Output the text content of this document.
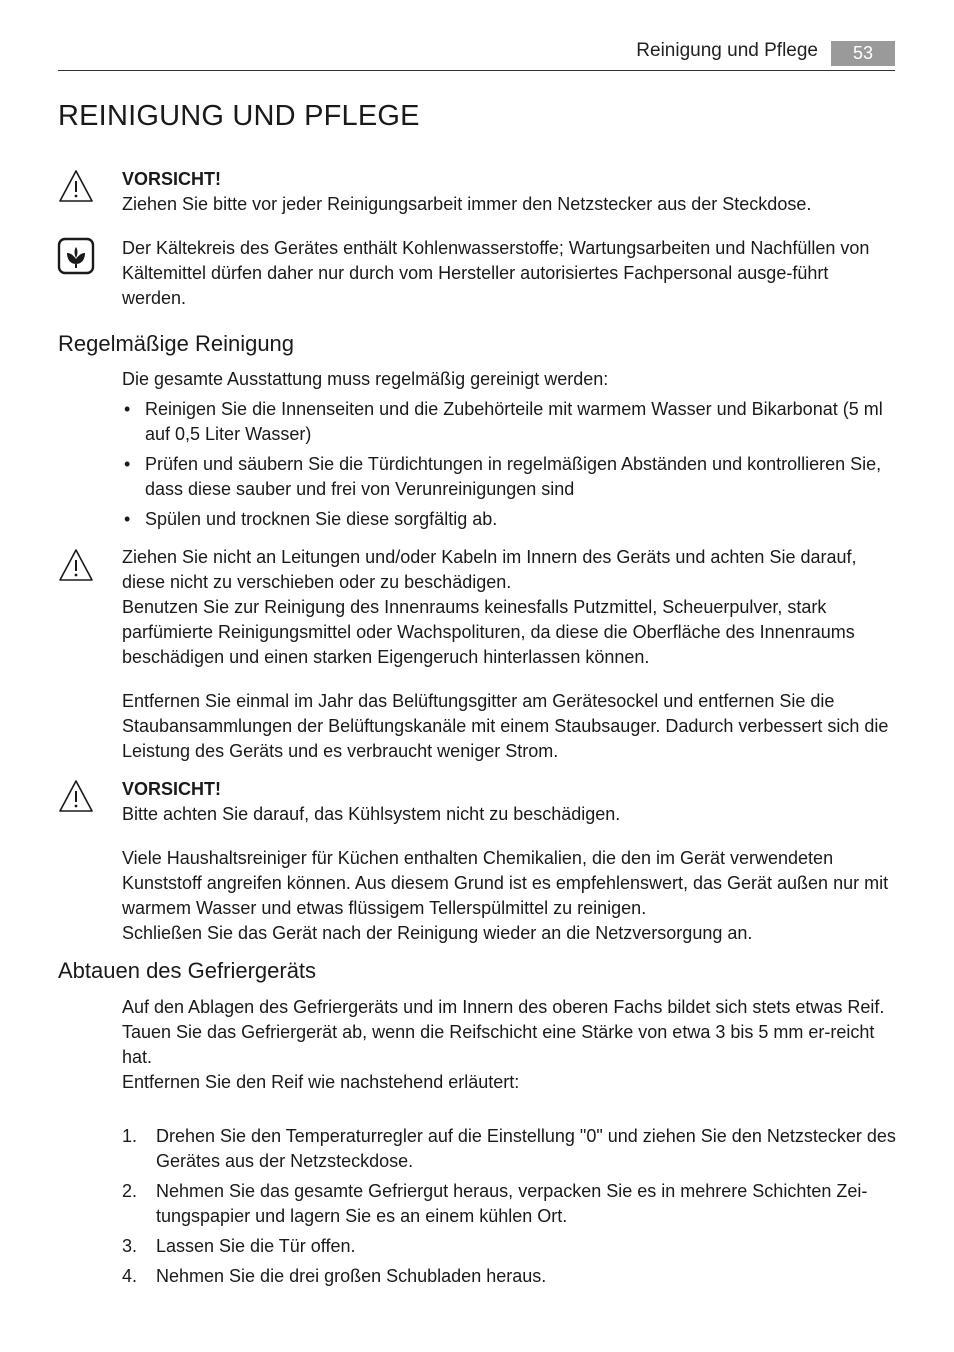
Reinigung und Pflege	53
REINIGUNG UND PFLEGE

VORSICHT!

Ziehen Sie bitte vor jeder Reinigungsarbeit immer den Netzstecker aus der Steckdose.

Der Kältekreis des Gerätes enthält Kohlenwasserstoffe; Wartungsarbeiten und Nachfüllen von Kältemittel dürfen daher nur durch vom Hersteller autorisiertes Fachpersonal ausge-führt werden.

Regelmäßige Reinigung

Die gesamte Ausstattung muss regelmäßig gereinigt werden:

• Reinigen Sie die Innenseiten und die Zubehörteile mit warmem Wasser und Bikarbonat (5 ml auf 0,5 Liter Wasser)
• Prüfen und säubern Sie die Türdichtungen in regelmäßigen Abständen und kontrollieren Sie, dass diese sauber und frei von Verunreinigungen sind
• Spülen und trocknen Sie diese sorgfältig ab.

Ziehen Sie nicht an Leitungen und/oder Kabeln im Innern des Geräts und achten Sie darauf, diese nicht zu verschieben oder zu beschädigen.

Benutzen Sie zur Reinigung des Innenraums keinesfalls Putzmittel, Scheuerpulver, stark parfümierte Reinigungsmittel oder Wachspolituren, da diese die Oberfläche des Innenraums beschädigen und einen starken Eigengeruch hinterlassen können.

Entfernen Sie einmal im Jahr das Belüftungsgitter am Gerätesockel und entfernen Sie die Staubansammlungen der Belüftungskanäle mit einem Staubsauger. Dadurch verbessert sich die Leistung des Geräts und es verbraucht weniger Strom.

VORSICHT!

Bitte achten Sie darauf, das Kühlsystem nicht zu beschädigen.

Viele Haushaltsreiniger für Küchen enthalten Chemikalien, die den im Gerät verwendeten Kunststoff angreifen können. Aus diesem Grund ist es empfehlenswert, das Gerät außen nur mit warmem Wasser und etwas flüssigem Tellerspülmittel zu reinigen.

Schließen Sie das Gerät nach der Reinigung wieder an die Netzversorgung an.

Abtauen des Gefriergeräts

Auf den Ablagen des Gefriergeräts und im Innern des oberen Fachs bildet sich stets etwas Reif.

Tauen Sie das Gefriergerät ab, wenn die Reifschicht eine Stärke von etwa 3 bis 5 mm er-reicht hat.

Entfernen Sie den Reif wie nachstehend erläutert:

1. Drehen Sie den Temperaturregler auf die Einstellung "0" und ziehen Sie den Netzstecker des Gerätes aus der Netzsteckdose.
2. Nehmen Sie das gesamte Gefriergut heraus, verpacken Sie es in mehrere Schichten Zei-tungspapier und lagern Sie es an einem kühlen Ort.
3. Lassen Sie die Tür offen.
4. Nehmen Sie die drei großen Schubladen heraus.
